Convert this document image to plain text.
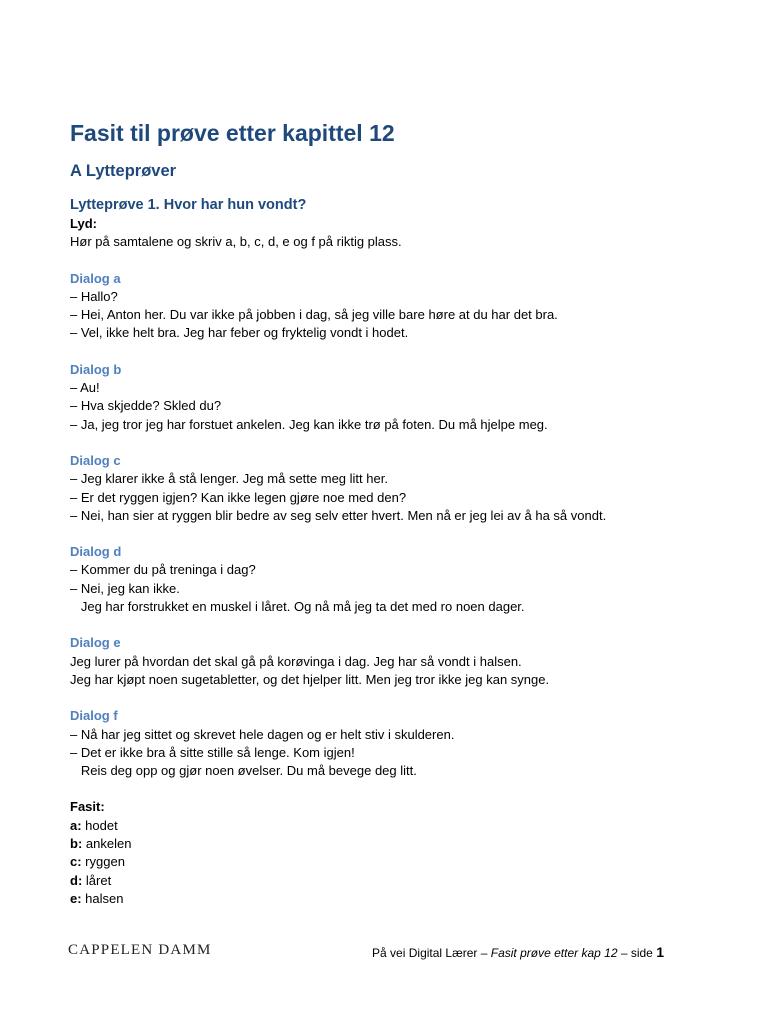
Fasit til prøve etter kapittel 12
A Lytteprøver
Lytteprøve 1. Hvor har hun vondt?
Lyd:
Hør på samtalene og skriv a, b, c, d, e og f på riktig plass.
Dialog a
– Hallo?
– Hei, Anton her. Du var ikke på jobben i dag, så jeg ville bare høre at du har det bra.
– Vel, ikke helt bra. Jeg har feber og fryktelig vondt i hodet.
Dialog b
– Au!
– Hva skjedde? Skled du?
– Ja, jeg tror jeg har forstuet ankelen. Jeg kan ikke trø på foten. Du må hjelpe meg.
Dialog c
– Jeg klarer ikke å stå lenger. Jeg må sette meg litt her.
– Er det ryggen igjen? Kan ikke legen gjøre noe med den?
– Nei, han sier at ryggen blir bedre av seg selv etter hvert. Men nå er jeg lei av å ha så vondt.
Dialog d
– Kommer du på treninga i dag?
– Nei, jeg kan ikke.
Jeg har forstrukket en muskel i låret. Og nå må jeg ta det med ro noen dager.
Dialog e
Jeg lurer på hvordan det skal gå på korøvinga i dag. Jeg har så vondt i halsen.
Jeg har kjøpt noen sugetabletter, og det hjelper litt. Men jeg tror ikke jeg kan synge.
Dialog f
– Nå har jeg sittet og skrevet hele dagen og er helt stiv i skulderen.
– Det er ikke bra å sitte stille så lenge. Kom igjen!
Reis deg opp og gjør noen øvelser. Du må bevege deg litt.
Fasit:
a: hodet
b: ankelen
c: ryggen
d: låret
e: halsen
CAPPELEN DAMM	På vei Digital Lærer – Fasit prøve etter kap 12 – side 1
